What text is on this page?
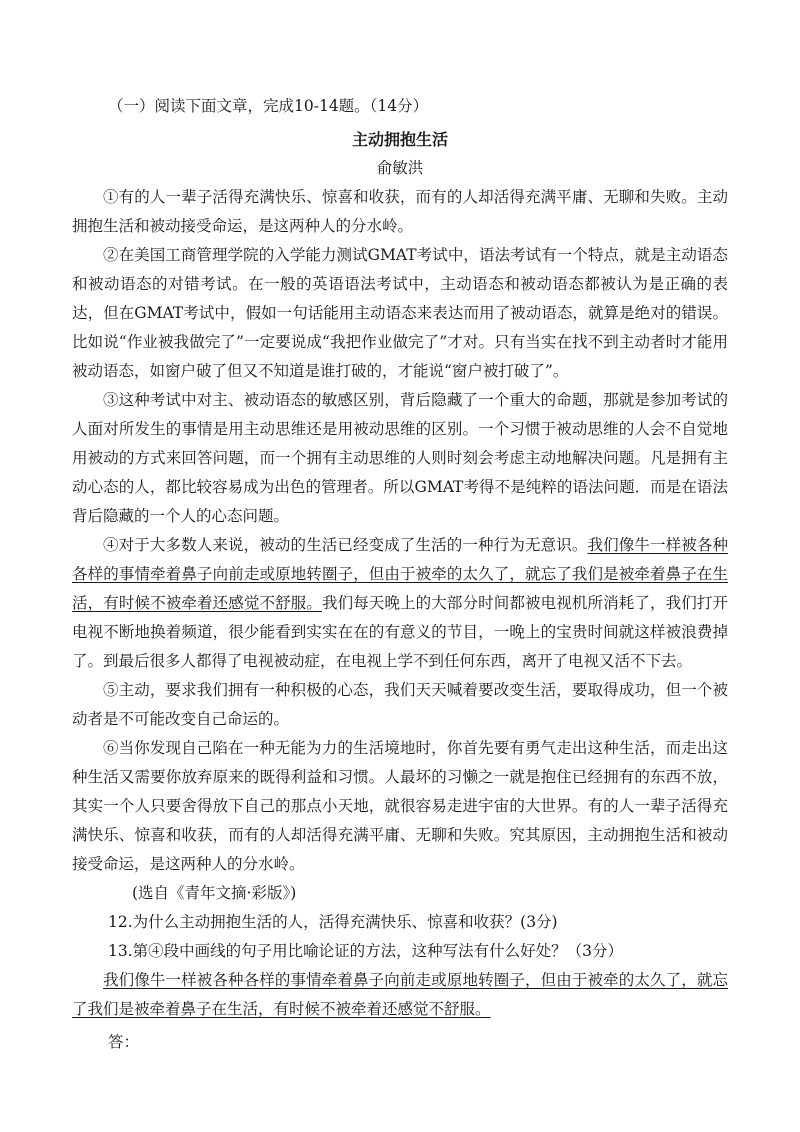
（一）阅读下面文章，完成10-14题。（14分）
主动拥抱生活
俞敏洪

①有的人一辈子活得充满快乐、惊喜和收获，而有的人却活得充满平庸、无聊和失败。主动拥抱生活和被动接受命运，是这两种人的分水岭。

②在美国工商管理学院的入学能力测试GMAT考试中，语法考试有一个特点，就是主动语态和被动语态的对错考试。在一般的英语语法考试中，主动语态和被动语态都被认为是正确的表达，但在GMAT考试中，假如一句话能用主动语态来表达而用了被动语态，就算是绝对的错误。比如说“作业被我做完了”一定要说成“我把作业做完了”才对。只有当实在找不到主动者时才能用被动语态，如窗户破了但又不知道是谁打破的，才能说“窗户被打破了”。

③这种考试中对主、被动语态的敏感区别，背后隐藏了一个重大的命题，那就是参加考试的人面对所发生的事情是用主动思维还是用被动思维的区别。一个习惯于被动思维的人会不自觉地用被动的方式来回答问题，而一个拥有主动思维的人则时刻会考虑主动地解决问题。凡是拥有主动心态的人，都比较容易成为出色的管理者。所以GMAT考得不是纯粹的语法问题．而是在语法背后隐藏的一个人的心态问题。

④对于大多数人来说，被动的生活已经变成了生活的一种行为无意识。我们像牛一样被各种各样的事情牵着鼻子向前走或原地转圈子，但由于被牵的太久了，就忘了我们是被牵着鼻子在生活，有时候不被牵着还感觉不舒服。我们每天晚上的大部分时间都被电视机所消耗了，我们打开电视不断地换着频道，很少能看到实实在在的有意义的节目，一晚上的宝贵时间就这样被浪费掉了。到最后很多人都得了电视被动症，在电视上学不到任何东西，离开了电视又活不下去。

⑤主动，要求我们拥有一种积极的心态，我们天天喊着要改变生活，要取得成功，但一个被动者是不可能改变自己命运的。

⑥当你发现自己陷在一种无能为力的生活境地时，你首先要有勇气走出这种生活，而走出这种生活又需要你放弃原来的既得利益和习惯。人最坏的习懒之一就是抱住已经拥有的东西不放，其实一个人只要舍得放下自己的那点小天地，就很容易走进宇宙的大世界。有的人一辈子活得充满快乐、惊喜和收获，而有的人却活得充满平庸、无聊和失败。究其原因，主动拥抱生活和被动接受命运，是这两种人的分水岭。

(选自《青年文摘·彩版》)
12.为什么主动拥抱生活的人，活得充满快乐、惊喜和收获？(3分)
13.第④段中画线的句子用比喻论证的方法，这种写法有什么好处？（3分）
我们像牛一样被各种各样的事情牵着鼻子向前走或原地转圈子，但由于被牵的太久了，就忘了我们是被牵着鼻子在生活，有时候不被牵着还感觉不舒服。
答：
